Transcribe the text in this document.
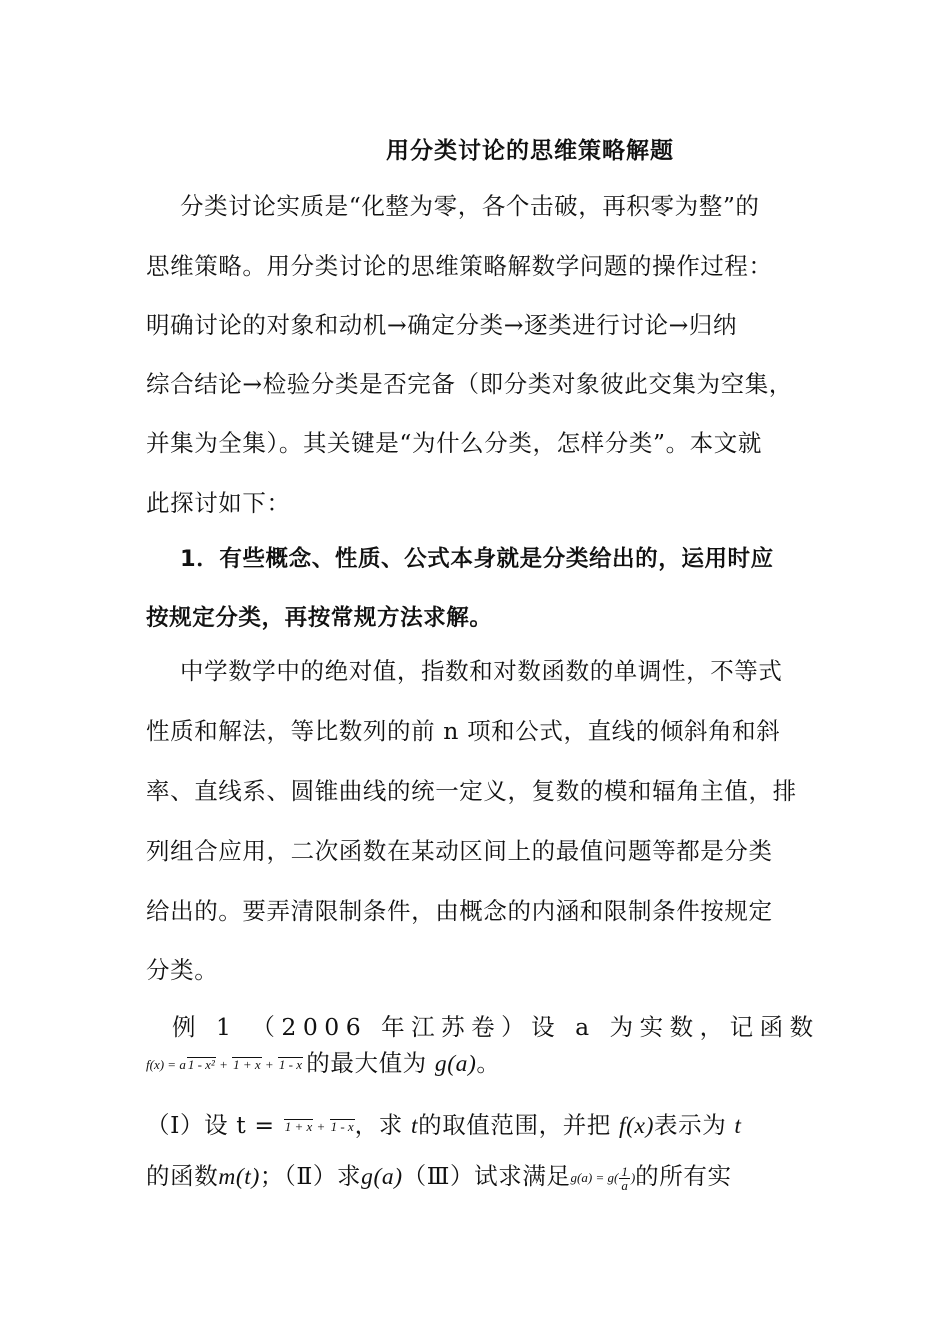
用分类讨论的思维策略解题
分类讨论实质是“化整为零，各个击破，再积零为整”的
思维策略。用分类讨论的思维策略解数学问题的操作过程：
明确讨论的对象和动机→确定分类→逐类进行讨论→归纳
综合结论→检验分类是否完备（即分类对象彼此交集为空集，
并集为全集）。其关键是“为什么分类，怎样分类”。本文就
此探讨如下：
1．有些概念、性质、公式本身就是分类给出的，运用时应
按规定分类，再按常规方法求解。
中学数学中的绝对值，指数和对数函数的单调性，不等式
性质和解法，等比数列的前 n 项和公式，直线的倾斜角和斜
率、直线系、圆锥曲线的统一定义，复数的模和辐角主值，排
列组合应用，二次函数在某动区间上的最值问题等都是分类
给出的。要弄清限制条件，由概念的内涵和限制条件按规定
分类。
例 1 （2006 年江苏卷）设 a 为实数，记函数
f(x) = a 1 - x² + 1 + x + 1 - x 的最大值为 g(a)。
（Ⅰ）设 t = 1 + x + 1 - x，求 t的取值范围，并把 f(x)表示为 t
的函数m(t)；（Ⅱ）求g(a)（Ⅲ）试求满足$g(a) = g( \frac{1}{a}$ )的所有实
